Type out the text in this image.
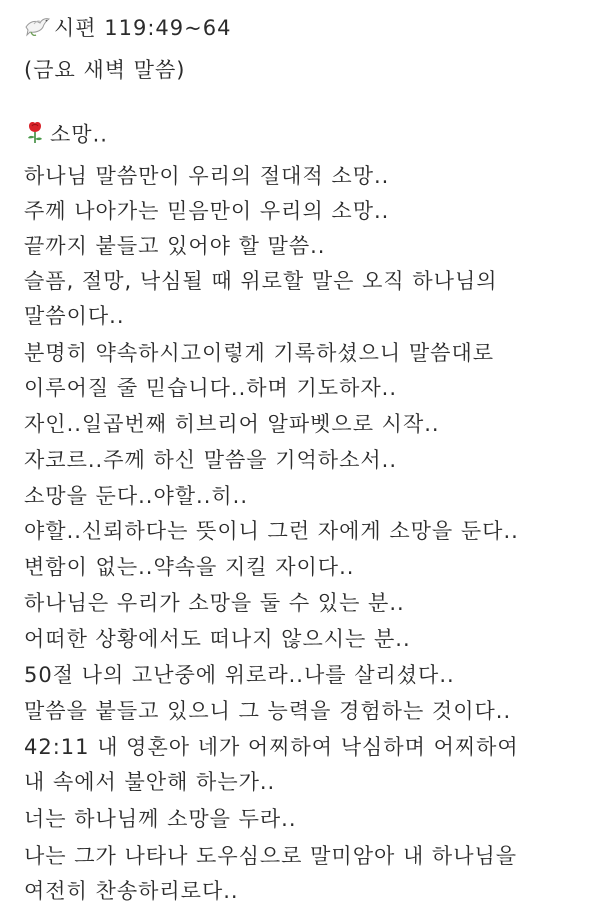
시편 119:49~64
(금요 새벽 말씀)
소망..
하나님 말씀만이 우리의 절대적 소망..
주께 나아가는 믿음만이 우리의 소망..
끝까지 붙들고 있어야 할 말씀..
슬픔, 절망, 낙심될 때 위로할 말은 오직 하나님의
말씀이다..
분명히 약속하시고이렇게 기록하셨으니 말씀대로
이루어질 줄 믿습니다..하며 기도하자..
자인..일곱번째 히브리어 알파벳으로 시작..
자코르..주께 하신 말씀을 기억하소서..
소망을 둔다..야할..히..
야할..신뢰하다는 뜻이니 그런 자에게 소망을 둔다..
변함이 없는..약속을 지킬 자이다..
하나님은 우리가 소망을 둘 수 있는 분..
어떠한 상황에서도 떠나지 않으시는 분..
50절 나의 고난중에 위로라..나를 살리셨다..
말씀을 붙들고 있으니 그 능력을 경험하는 것이다..
42:11 내 영혼아 네가 어찌하여 낙심하며 어찌하여
내 속에서 불안해 하는가..
너는 하나님께 소망을 두라..
나는 그가 나타나 도우심으로 말미암아 내 하나님을
여전히 찬송하리로다..
